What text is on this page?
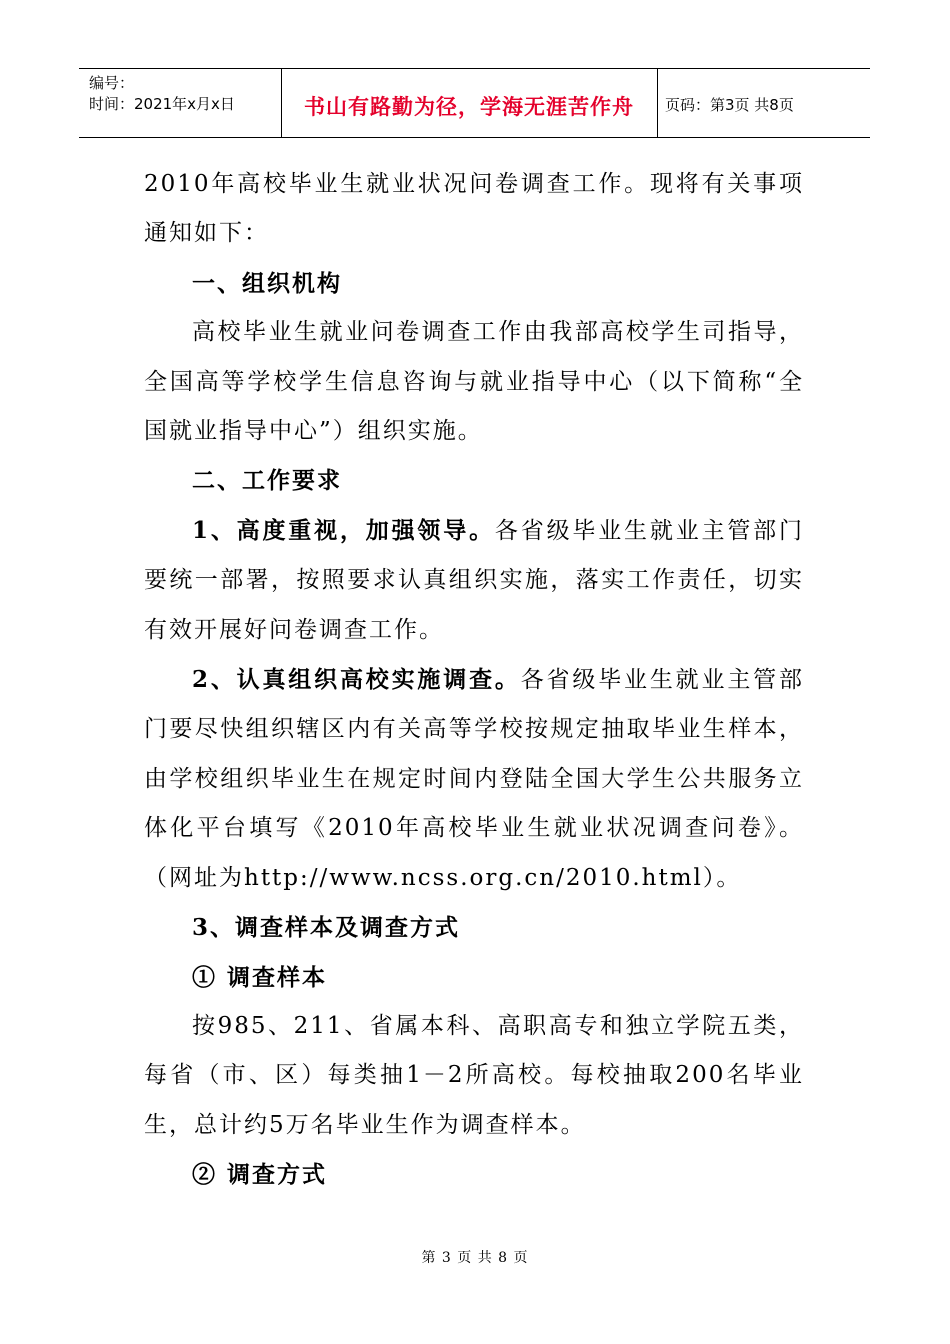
编号：
时间：2021年x月x日	书山有路勤为径，学海无涯苦作舟	页码：第3页 共8页

2010年高校毕业生就业状况问卷调查工作。现将有关事项通知如下：

一、组织机构

高校毕业生就业问卷调查工作由我部高校学生司指导，全国高等学校学生信息咨询与就业指导中心（以下简称“全国就业指导中心”）组织实施。

二、工作要求

1、高度重视，加强领导。各省级毕业生就业主管部门要统一部署，按照要求认真组织实施，落实工作责任，切实有效开展好问卷调查工作。

2、认真组织高校实施调查。各省级毕业生就业主管部门要尽快组织辖区内有关高等学校按规定抽取毕业生样本，由学校组织毕业生在规定时间内登陆全国大学生公共服务立体化平台填写《2010年高校毕业生就业状况调查问卷》。（网址为http://www.ncss.org.cn/2010.html）。

3、调查样本及调查方式

① 调查样本

按985、211、省属本科、高职高专和独立学院五类，每省（市、区）每类抽1－2所高校。每校抽取200名毕业生，总计约5万名毕业生作为调查样本。

② 调查方式

第 3 页 共 8 页
